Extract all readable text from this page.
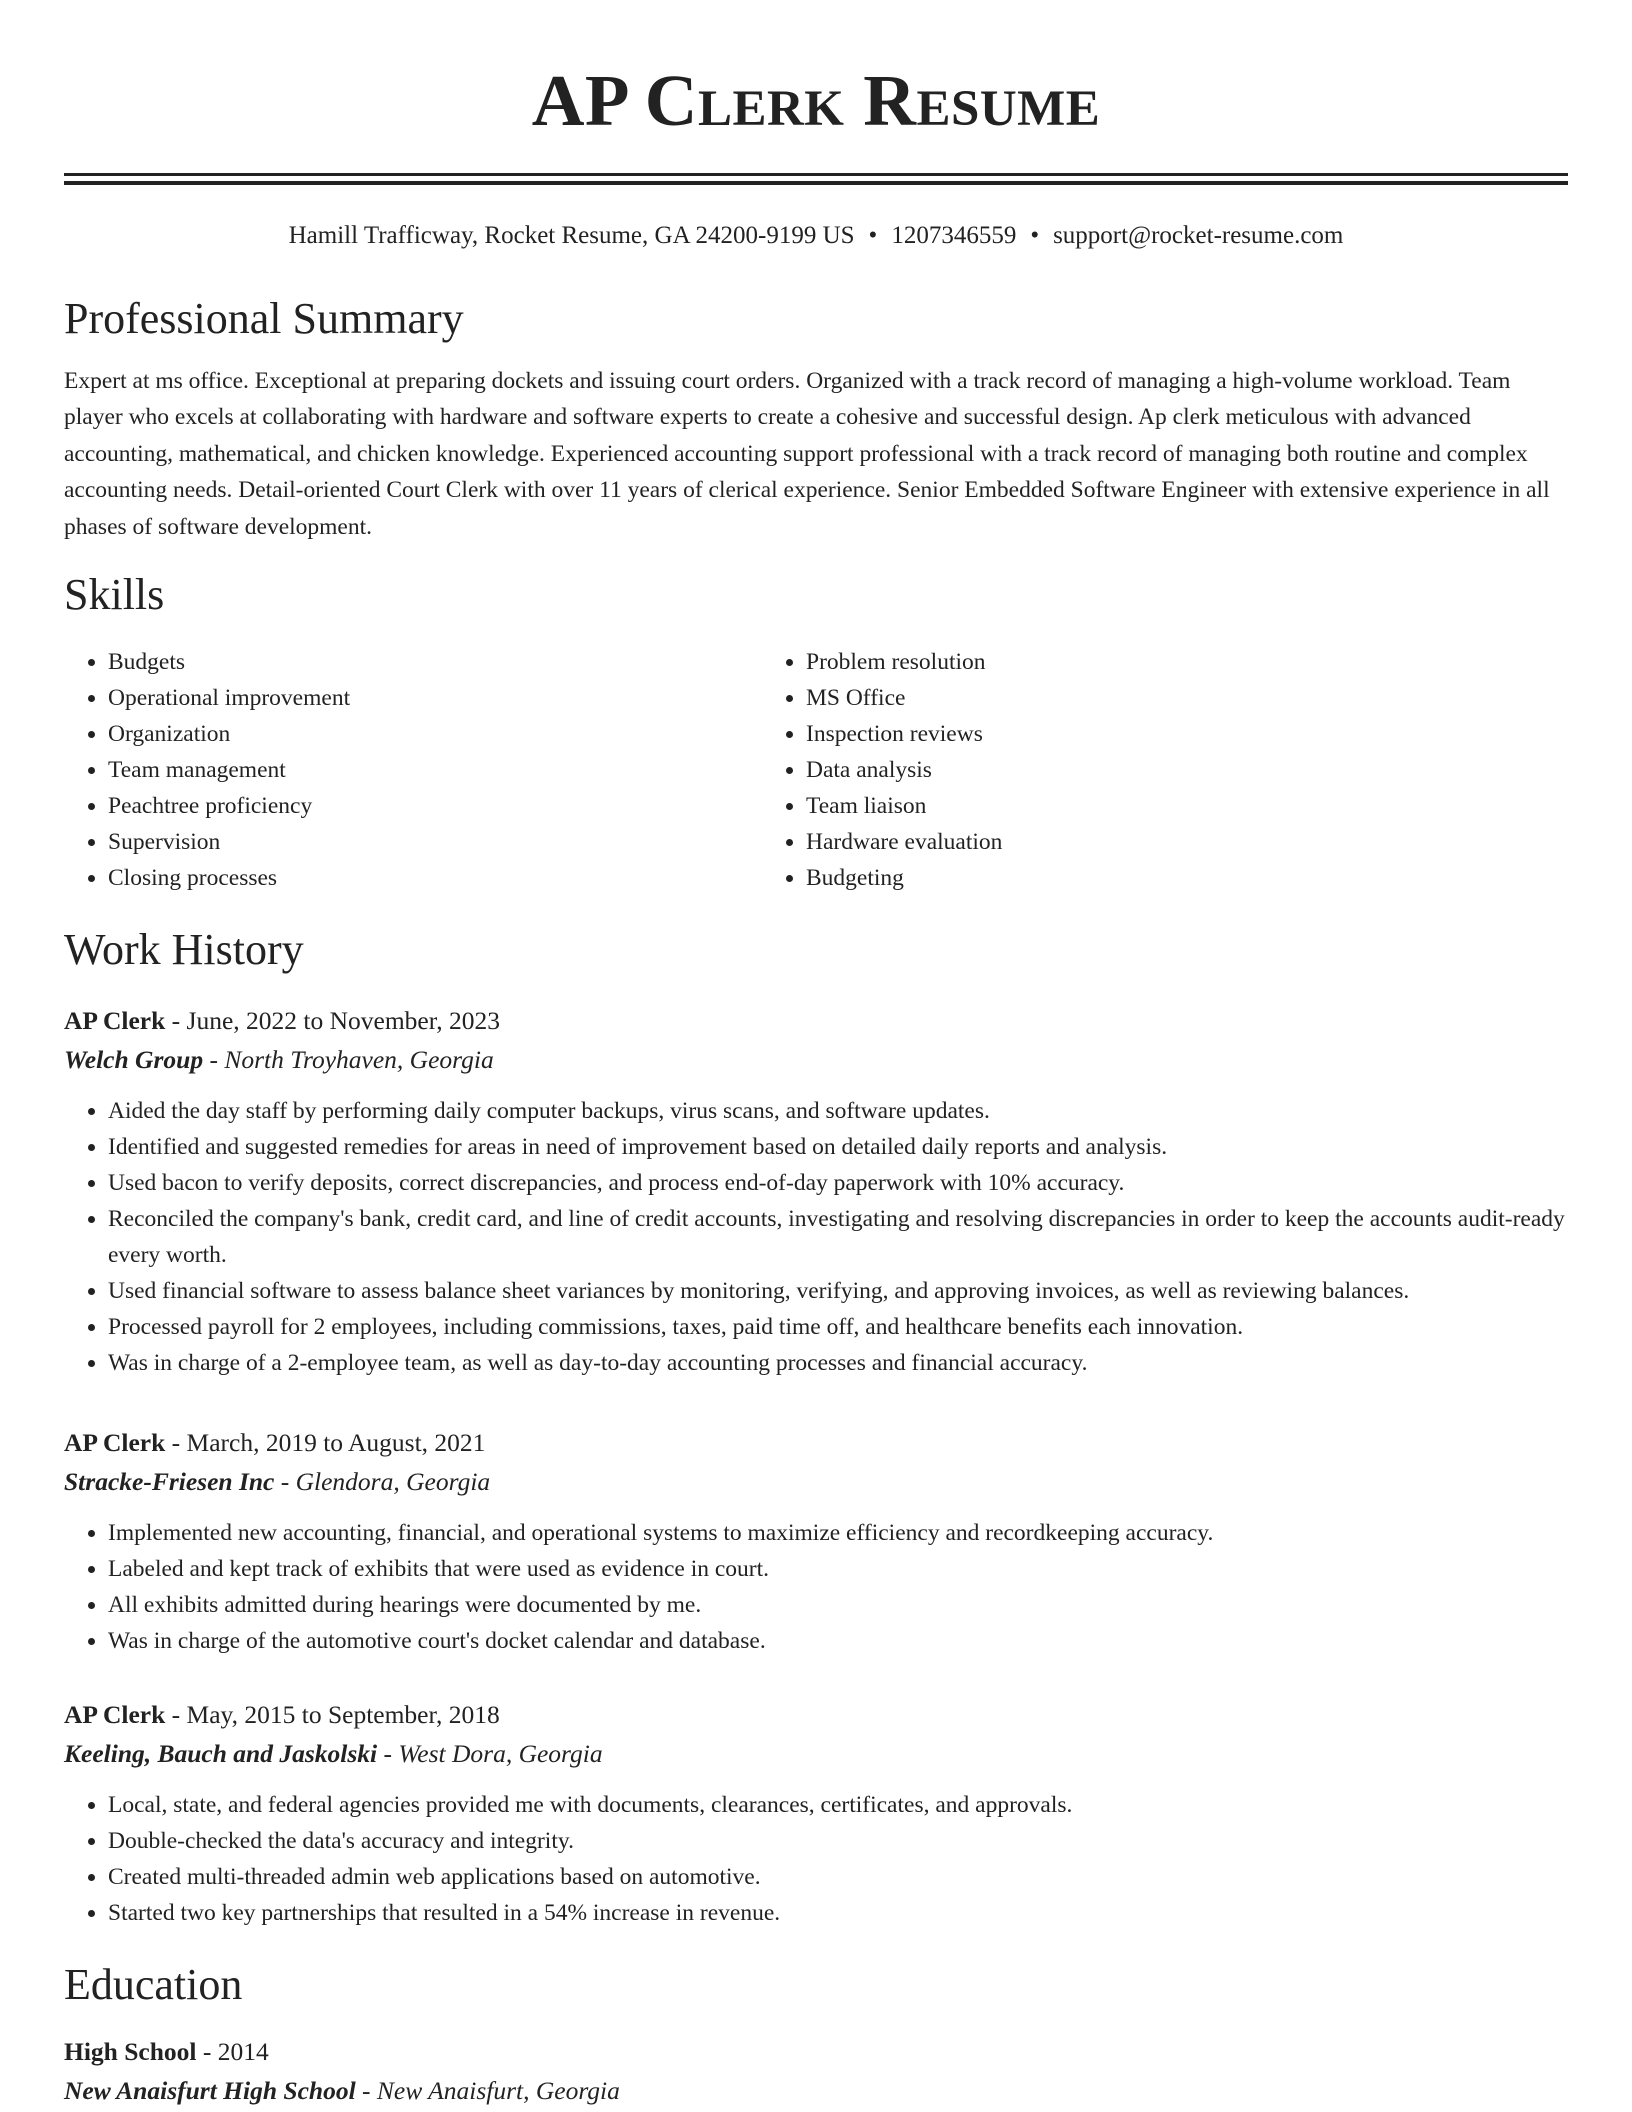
AP Clerk Resume
Hamill Trafficway, Rocket Resume, GA 24200-9199 US • 1207346559 • support@rocket-resume.com
Professional Summary

Expert at ms office. Exceptional at preparing dockets and issuing court orders. Organized with a track record of managing a high-volume workload. Team player who excels at collaborating with hardware and software experts to create a cohesive and successful design. Ap clerk meticulous with advanced accounting, mathematical, and chicken knowledge. Experienced accounting support professional with a track record of managing both routine and complex accounting needs. Detail-oriented Court Clerk with over 11 years of clerical experience. Senior Embedded Software Engineer with extensive experience in all phases of software development.

Skills
• Budgets
• Operational improvement
• Organization
• Team management
• Peachtree proficiency
• Supervision
• Closing processes
• Problem resolution
• MS Office
• Inspection reviews
• Data analysis
• Team liaison
• Hardware evaluation
• Budgeting
Work History
AP Clerk - June, 2022 to November, 2023
Welch Group - North Troyhaven, Georgia
• Aided the day staff by performing daily computer backups, virus scans, and software updates.
• Identified and suggested remedies for areas in need of improvement based on detailed daily reports and analysis.
• Used bacon to verify deposits, correct discrepancies, and process end-of-day paperwork with 10% accuracy.
• Reconciled the company's bank, credit card, and line of credit accounts, investigating and resolving discrepancies in order to keep the accounts audit-ready every worth.
• Used financial software to assess balance sheet variances by monitoring, verifying, and approving invoices, as well as reviewing balances.
• Processed payroll for 2 employees, including commissions, taxes, paid time off, and healthcare benefits each innovation.
• Was in charge of a 2-employee team, as well as day-to-day accounting processes and financial accuracy.
AP Clerk - March, 2019 to August, 2021
Stracke-Friesen Inc - Glendora, Georgia
• Implemented new accounting, financial, and operational systems to maximize efficiency and recordkeeping accuracy.
• Labeled and kept track of exhibits that were used as evidence in court.
• All exhibits admitted during hearings were documented by me.
• Was in charge of the automotive court's docket calendar and database.
AP Clerk - May, 2015 to September, 2018
Keeling, Bauch and Jaskolski - West Dora, Georgia
• Local, state, and federal agencies provided me with documents, clearances, certificates, and approvals.
• Double-checked the data's accuracy and integrity.
• Created multi-threaded admin web applications based on automotive.
• Started two key partnerships that resulted in a 54% increase in revenue.
Education
High School - 2014
New Anaisfurt High School - New Anaisfurt, Georgia
